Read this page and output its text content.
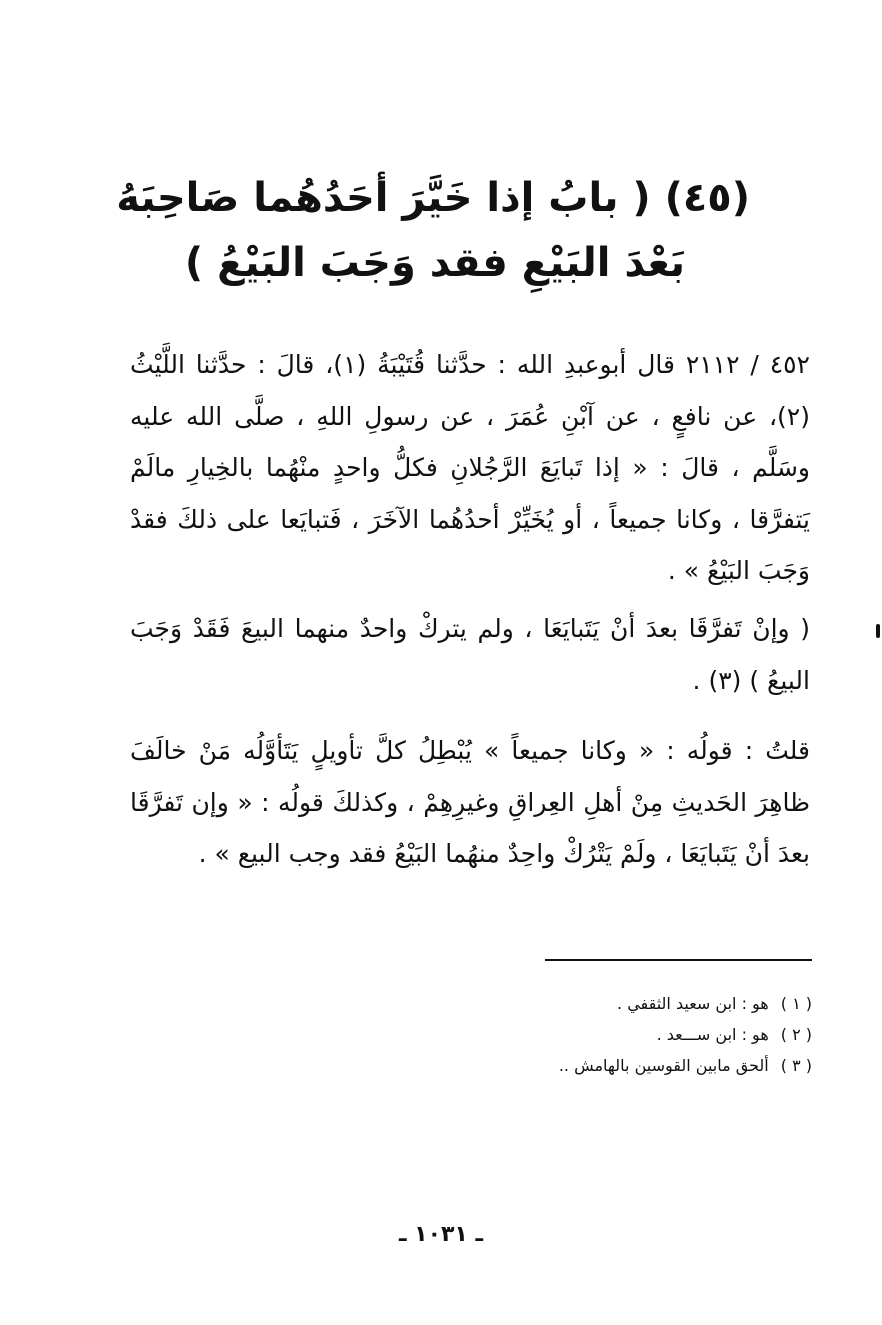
(٤٥) ( بابُ إذا خَيَّرَ أحَدُهُما صَاحِبَهُ
بَعْدَ البَيْعِ فقد وَجَبَ البَيْعُ )

٤٥٢ / ٢١١٢ قال أبوعبدِ الله : حدَّثنا قُتَيْبَةُ (١)، قالَ : حدَّثنا اللَّيْثُ (٢)، عن نافعٍ ، عن آبْنِ عُمَرَ ، عن رسولِ اللهِ ، صلَّى الله عليه وسَلَّم ، قالَ : « إذا تَبايَعَ الرَّجُلانِ فكلُّ واحدٍ منْهُما بالخِيارِ مالَمْ يَتفرَّقا ، وكانا جميعاً ، أو يُخَيِّرْ أحدُهُما الآخَرَ ، فَتبايَعا على ذلكَ فقدْ وَجَبَ البَيْعُ » .

( وإنْ تَفرَّقَا بعدَ أنْ يَتَبايَعَا ، ولم يتركْ واحدٌ منهما البيعَ فَقَدْ وَجَبَ البيعُ ) (٣) .

قلتُ : قولُه : « وكانا جميعاً » يُبْطِلُ كلَّ تأويلٍ يَتَأوَّلُه مَنْ خالَفَ ظاهِرَ الحَديثِ مِنْ أهلِ العِراقِ وغيرِهِمْ ، وكذلكَ قولُه : « وإن تَفرَّقَا بعدَ أنْ يَتَبايَعَا ، ولَمْ يَتْرُكْ واحِدٌ منهُما البَيْعُ فقد وجب البيع » .

( ١ )هو : ابن سعيد الثقفي .
( ٢ )هو : ابن ســـعد .
( ٣ )ألحق مابين القوسين بالهامش ..
ـ ١٠٣١ ـ
